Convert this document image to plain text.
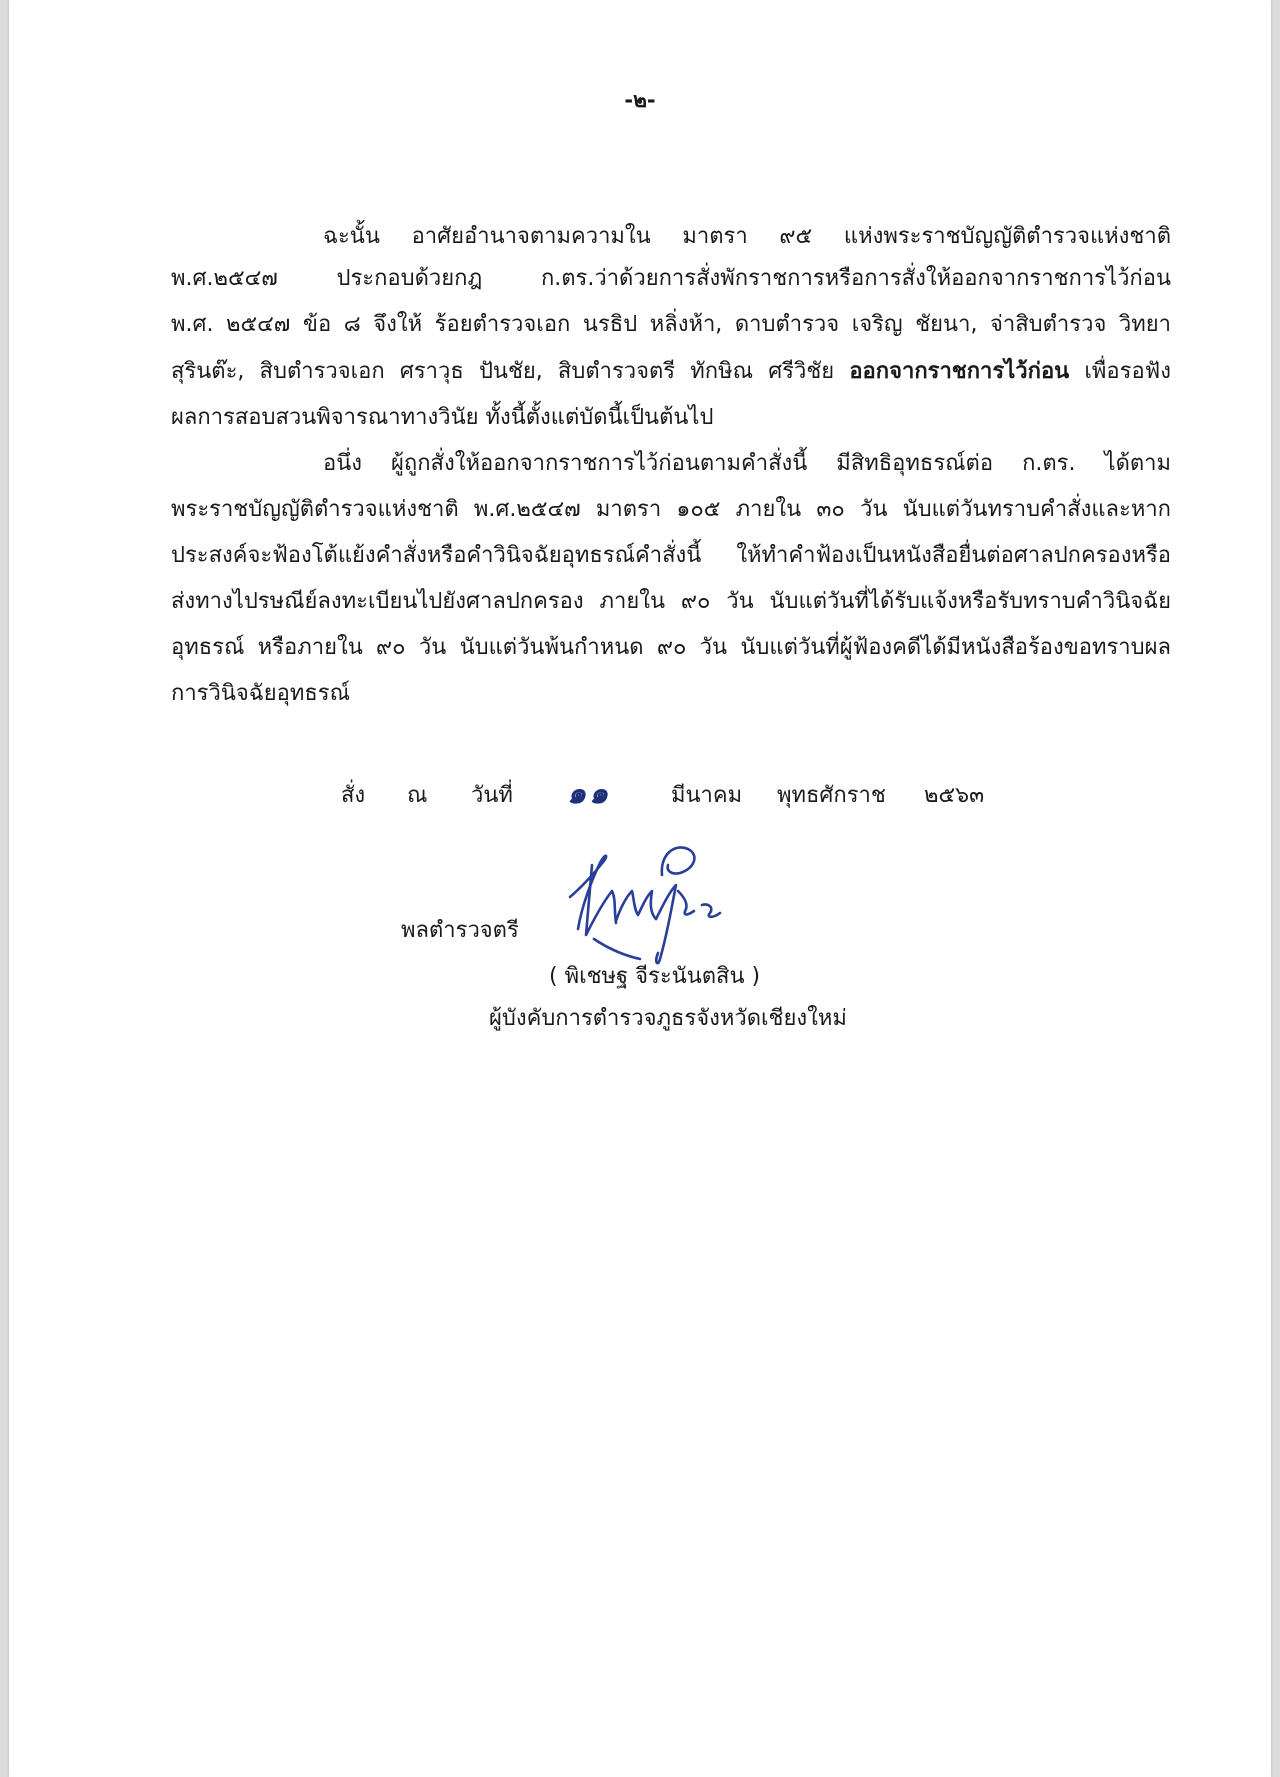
-๒-
ฉะนั้น อาศัยอำนาจตามความใน มาตรา ๙๕ แห่งพระราชบัญญัติตำรวจแห่งชาติ
พ.ศ.๒๕๔๗ ประกอบด้วยกฎ ก.ตร.ว่าด้วยการสั่งพักราชการหรือการสั่งให้ออกจากราชการไว้ก่อน
พ.ศ. ๒๕๔๗ ข้อ ๘ จึงให้ ร้อยตำรวจเอก นรธิป หลิ่งห้า, ดาบตำรวจ เจริญ ชัยนา, จ่าสิบตำรวจ วิทยา
สุรินต๊ะ, สิบตำรวจเอก ศราวุธ ปันชัย, สิบตำรวจตรี ทักษิณ ศรีวิชัย ออกจากราชการไว้ก่อน เพื่อรอฟัง
ผลการสอบสวนพิจารณาทางวินัย ทั้งนี้ตั้งแต่บัดนี้เป็นต้นไป
อนึ่ง ผู้ถูกสั่งให้ออกจากราชการไว้ก่อนตามคำสั่งนี้ มีสิทธิอุทธรณ์ต่อ ก.ตร. ได้ตาม
พระราชบัญญัติตำรวจแห่งชาติ พ.ศ.๒๕๔๗ มาตรา ๑๐๕ ภายใน ๓๐ วัน นับแต่วันทราบคำสั่งและหาก
ประสงค์จะฟ้องโต้แย้งคำสั่งหรือคำวินิจฉัยอุทธรณ์คำสั่งนี้ ให้ทำคำฟ้องเป็นหนังสือยื่นต่อศาลปกครองหรือ
ส่งทางไปรษณีย์ลงทะเบียนไปยังศาลปกครอง ภายใน ๙๐ วัน นับแต่วันที่ได้รับแจ้งหรือรับทราบคำวินิจฉัย
อุทธรณ์ หรือภายใน ๙๐ วัน นับแต่วันพ้นกำหนด ๙๐ วัน นับแต่วันที่ผู้ฟ้องคดีได้มีหนังสือร้องขอทราบผล
การวินิจฉัยอุทธรณ์
สั่ง ณ วันที่ ๑๑	มีนาคม พุทธศักราช ๒๕๖๓
พลตำรวจตรี
( พิเชษฐ จีระนันตสิน )
ผู้บังคับการตำรวจภูธรจังหวัดเชียงใหม่
